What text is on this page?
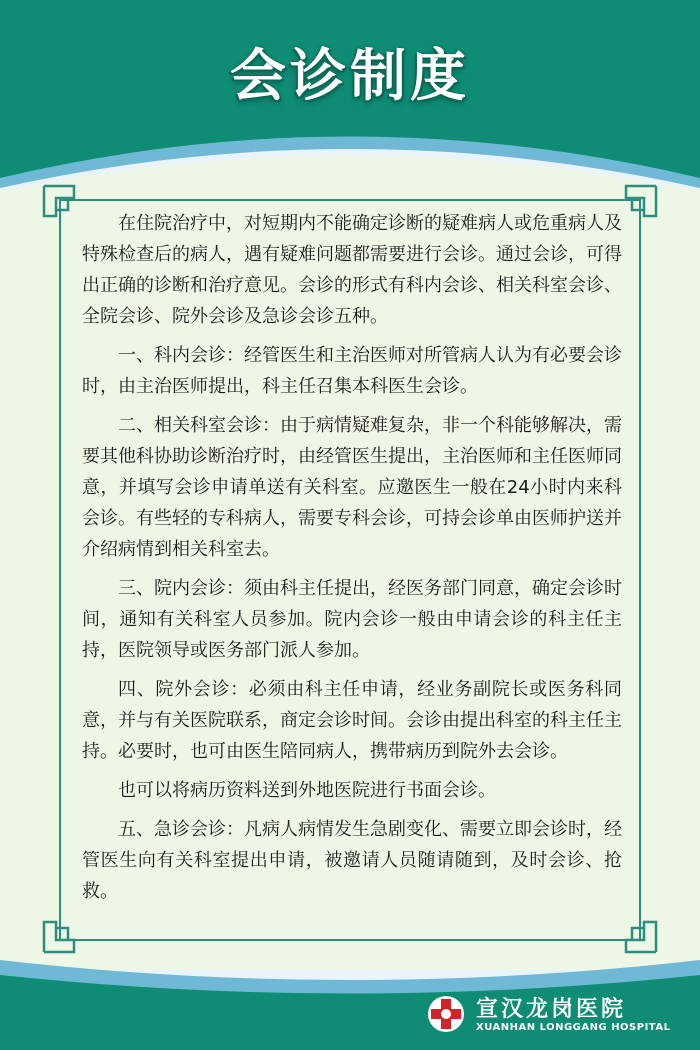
会诊制度

在住院治疗中，对短期内不能确定诊断的疑难病人或危重病人及特殊检查后的病人，遇有疑难问题都需要进行会诊。通过会诊，可得出正确的诊断和治疗意见。会诊的形式有科内会诊、相关科室会诊、全院会诊、院外会诊及急诊会诊五种。

一、科内会诊：经管医生和主治医师对所管病人认为有必要会诊时，由主治医师提出，科主任召集本科医生会诊。

二、相关科室会诊：由于病情疑难复杂，非一个科能够解决，需要其他科协助诊断治疗时，由经管医生提出，主治医师和主任医师同意，并填写会诊申请单送有关科室。应邀医生一般在24小时内来科会诊。有些轻的专科病人，需要专科会诊，可持会诊单由医师护送并介绍病情到相关科室去。

三、院内会诊：须由科主任提出，经医务部门同意，确定会诊时间，通知有关科室人员参加。院内会诊一般由申请会诊的科主任主持，医院领导或医务部门派人参加。

四、院外会诊：必须由科主任申请，经业务副院长或医务科同意，并与有关医院联系，商定会诊时间。会诊由提出科室的科主任主持。必要时，也可由医生陪同病人，携带病历到院外去会诊。

也可以将病历资料送到外地医院进行书面会诊。

五、急诊会诊：凡病人病情发生急剧变化、需要立即会诊时，经管医生向有关科室提出申请，被邀请人员随请随到，及时会诊、抢救。

宣汉龙岗医院
XUANHAN LONGGANG HOSPITAL
